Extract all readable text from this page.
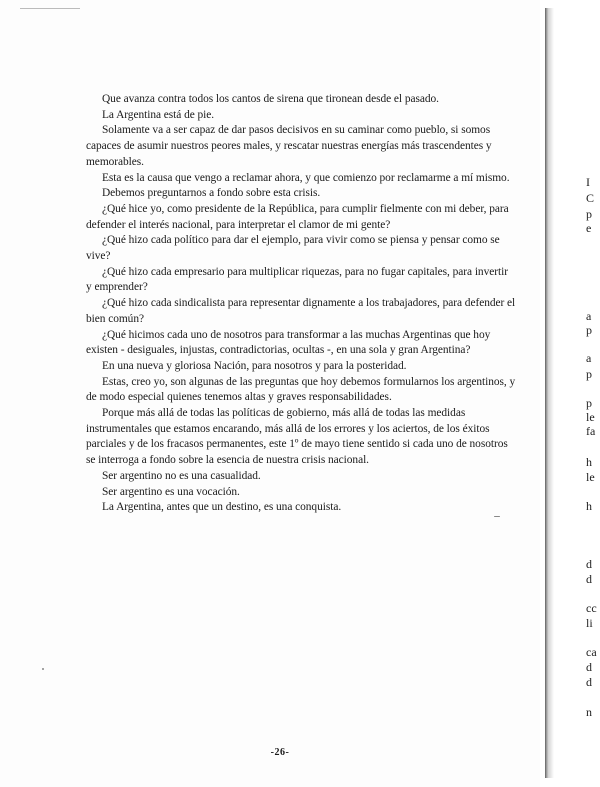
Que avanza contra todos los cantos de sirena que tironean desde el pasado.

La Argentina está de pie.

Solamente va a ser capaz de dar pasos decisivos en su caminar como pueblo, si somos capaces de asumir nuestros peores males, y rescatar nuestras energías más trascendentes y memorables.

Esta es la causa que vengo a reclamar ahora, y que comienzo por reclamarme a mí mismo.

Debemos preguntarnos a fondo sobre esta crisis.

¿Qué hice yo, como presidente de la República, para cumplir fielmente con mi deber, para defender el interés nacional, para interpretar el clamor de mi gente?

¿Qué hizo cada político para dar el ejemplo, para vivir como se piensa y pensar como se vive?

¿Qué hizo cada empresario para multiplicar riquezas, para no fugar capitales, para invertir y emprender?

¿Qué hizo cada sindicalista para representar dignamente a los trabajadores, para defender el bien común?

¿Qué hicimos cada uno de nosotros para transformar a las muchas Argentinas que hoy existen - desiguales, injustas, contradictorias, ocultas -, en una sola y gran Argentina?

En una nueva y gloriosa Nación, para nosotros y para la posteridad.

Estas, creo yo, son algunas de las preguntas que hoy debemos formularnos los argentinos, y de modo especial quienes tenemos altas y graves responsabilidades.

Porque más allá de todas las políticas de gobierno, más allá de todas las medidas instrumentales que estamos encarando, más allá de los errores y los aciertos, de los éxitos parciales y de los fracasos permanentes, este 1º de mayo tiene sentido si cada uno de nosotros se interroga a fondo sobre la esencia de nuestra crisis nacional.

Ser argentino no es una casualidad.

Ser argentino es una vocación.

La Argentina, antes que un destino, es una conquista.

-26-
I
C
p
e
a
p
a
p
p
le
fa
h
le
h
d
d
cc
li
ca
d
d
n
